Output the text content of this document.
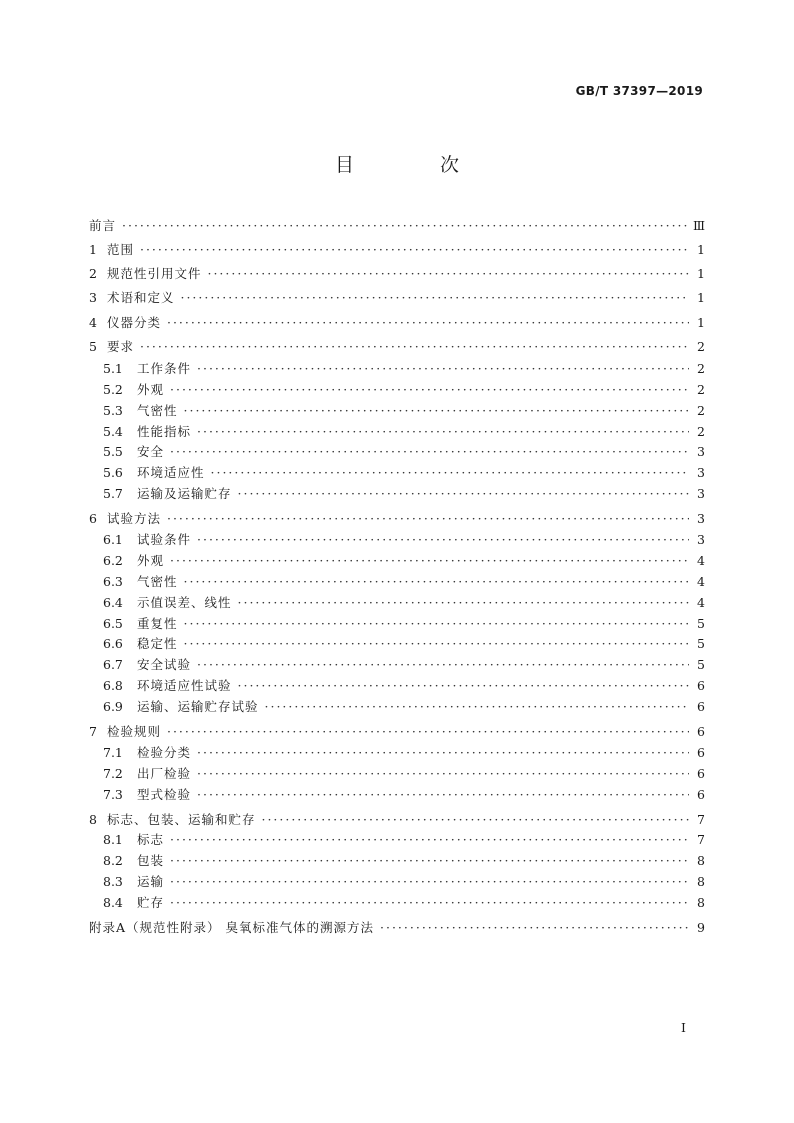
GB/T 37397—2019
目 次
前言 ·····	Ⅲ
1 范围 ·····	1
2 规范性引用文件 ·····	1
3 术语和定义 ·····	1
4 仪器分类 ·····	1
5 要求 ·····	2
5.1	工作条件 ·····	2
5.2	外观 ·····	2
5.3	气密性 ·····	2
5.4	性能指标 ·····	2
5.5	安全 ·····	3
5.6	环境适应性 ·····	3
5.7	运输及运输贮存 ·····	3
6 试验方法 ·····	3
6.1	试验条件 ·····	3
6.2	外观 ·····	4
6.3	气密性 ·····	4
6.4	示值误差、线性 ·····	4
6.5	重复性 ·····	5
6.6	稳定性 ·····	5
6.7	安全试验 ·····	5
6.8	环境适应性试验 ·····	6
6.9	运输、运输贮存试验 ·····	6
7 检验规则 ·····	6
7.1	检验分类 ·····	6
7.2	出厂检验 ·····	6
7.3	型式检验 ·····	6
8 标志、包装、运输和贮存 ·····	7
8.1	标志 ·····	7
8.2	包装 ·····	8
8.3	运输 ·····	8
8.4	贮存 ·····	8
附录A（规范性附录） 臭氧标准气体的溯源方法 ·····	9
I
